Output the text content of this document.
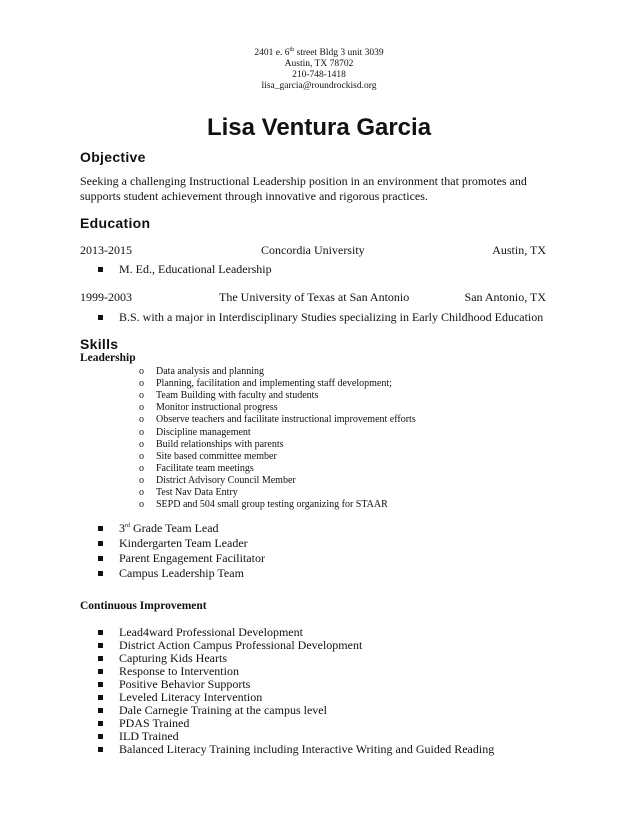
2401 e. 6th street Bldg 3 unit 3039
Austin, TX 78702
210-748-1418
lisa_garcia@roundrockisd.org
Lisa Ventura Garcia
Objective
Seeking a challenging Instructional Leadership position in an environment that promotes and
supports student achievement through innovative and rigorous practices.
Education
2013-2015	Concordia University	Austin, TX
M. Ed., Educational Leadership
1999-2003	The University of Texas at San Antonio	San Antonio, TX
B.S. with a major in Interdisciplinary Studies specializing in Early Childhood Education
Skills
Leadership
o Data analysis and planning
o Planning, facilitation and implementing staff development;
o Team Building with faculty and students
o Monitor instructional progress
o Observe teachers and facilitate instructional improvement efforts
o Discipline management
o Build relationships with parents
o Site based committee member
o Facilitate team meetings
o District Advisory Council Member
o Test Nav Data Entry
o SEPD and 504 small group testing organizing for STAAR
3rd Grade Team Lead
Kindergarten Team Leader
Parent Engagement Facilitator
Campus Leadership Team
Continuous Improvement
Lead4ward Professional Development
District Action Campus Professional Development
Capturing Kids Hearts
Response to Intervention
Positive Behavior Supports
Leveled Literacy Intervention
Dale Carnegie Training at the campus level
PDAS Trained
ILD Trained
Balanced Literacy Training including Interactive Writing and Guided Reading
